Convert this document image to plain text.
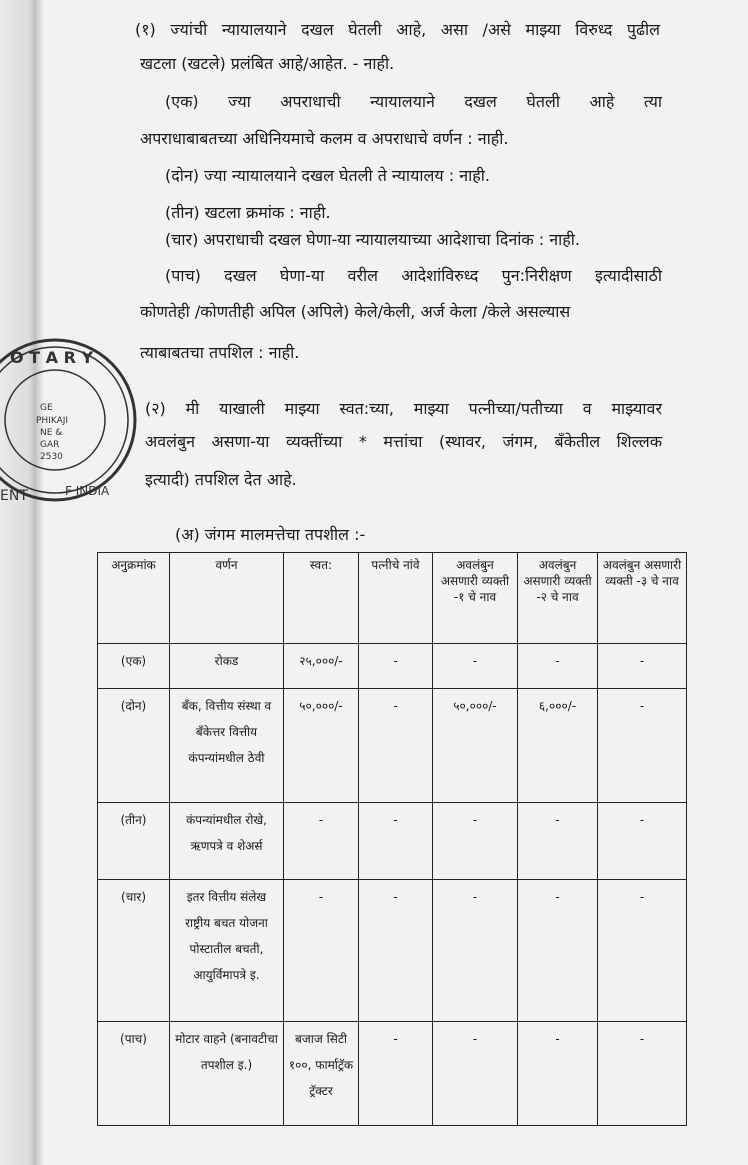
O T A R Y
GE
PHIKAJI
NE &
GAR
2530
F INDIA
ENT
(१) ज्यांची न्यायालयाने दखल घेतली आहे, असा /असे माझ्या विरुध्द पुढील
खटला (खटले) प्रलंबित आहे/आहेत. - नाही.
(एक) ज्या अपराधाची न्यायालयाने दखल घेतली आहे त्या
अपराधाबाबतच्या अधिनियमाचे कलम व अपराधाचे वर्णन : नाही.
(दोन) ज्या न्यायालयाने दखल घेतली ते न्यायालय : नाही.
(तीन) खटला क्रमांक : नाही.
(चार) अपराधाची दखल घेणा-या न्यायालयाच्या आदेशाचा दिनांक : नाही.
(पाच) दखल घेणा-या वरील आदेशांविरुध्द पुन:निरीक्षण इत्यादीसाठी
कोणतेही /कोणतीही अपिल (अपिले) केले/केली, अर्ज केला /केले असल्यास
त्याबाबतचा तपशिल : नाही.
(२) मी याखाली माझ्या स्वत:च्या, माझ्या पत्नीच्या/पतीच्या व माझ्यावर
अवलंबुन असणा-या व्यक्तींच्या * मत्तांचा (स्थावर, जंगम, बँकेतील शिल्लक
इत्यादी) तपशिल देत आहे.
(अ) जंगम मालमत्तेचा तपशील :-
अनुक्रमांक	वर्णन	स्वत:	पत्नीचे नांवे	अवलंबुन असणारी व्यक्ती -१ चे नाव	अवलंबुन असणारी व्यक्ती -२ चे नाव	अवलंबुन असणारी व्यक्ती -३ चे नाव
(एक)	रोकड	२५,०००/-	-	-	-	-
(दोन)	बँक, वित्तीय संस्था व बँकेत्तर वित्तीय कंपन्यांमधील ठेवी	५०,०००/-	-	५०,०००/-	६,०००/-	-
(तीन)	कंपन्यांमधील रोखे, ऋणपत्रे व शेअर्स	-	-	-	-	-
(चार)	इतर वित्तीय संलेख राष्ट्रीय बचत योजना पोस्टातील बचती, आयुर्विमापत्रे इ.	-	-	-	-	-
(पाच)	मोटार वाहने (बनावटीचा तपशील इ.)	बजाज सिटी १००, फार्माट्रॅक ट्रॅक्टर	-	-	-	-
